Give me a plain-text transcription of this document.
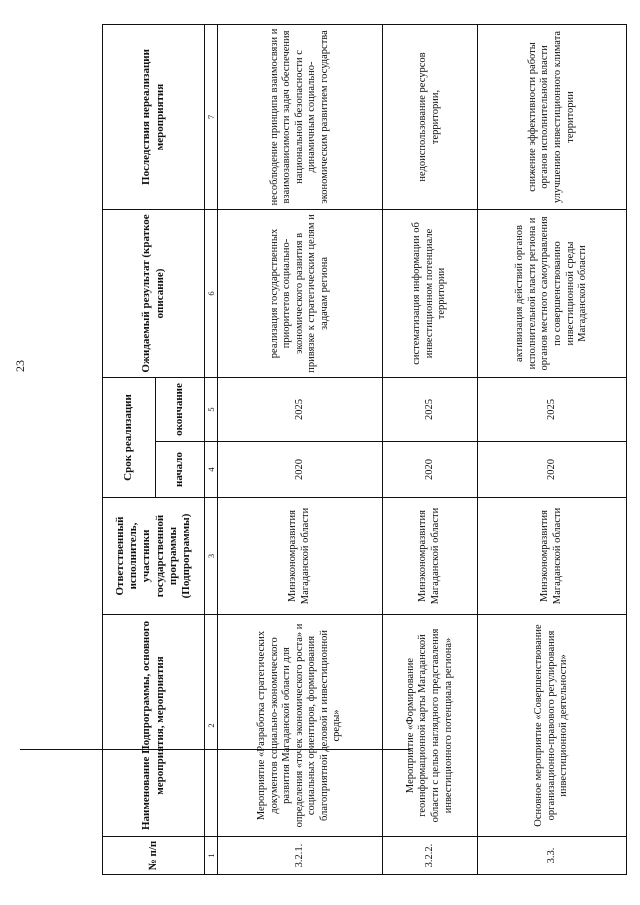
23
№ п/п	Наименование Подпрограммы, основного мероприятия, мероприятия	Ответственный исполнитель, участники государственной программы (Подпрограммы)	Срок реализации		Ожидаемый результат (краткое описание)	Последствия нереализации мероприятия
			начало	окончание		
1	2	3	4	5	6	7
3.2.1.	Мероприятие «Разработка стратегических документов социально-экономического развития Магаданской области для определения «точек экономического роста» и социальных ориентиров, формирования благоприятной деловой и инвестиционной среды»	Минэкономразвития Магаданской области	2020	2025	реализация государственных приоритетов социально-экономического развития в привязке к стратегическим целям и задачам региона	несоблюдение принципа взаимосвязи и взаимозависимости задач обеспечения национальной безопасности с динамичным социально-экономическим развитием государства
3.2.2.	Мероприятие «Формирование геоинформационной карты Магаданской области с целью наглядного представления инвестиционного потенциала региона»	Минэкономразвития Магаданской области	2020	2025	систематизация информации об инвестиционном потенциале территории	недоиспользование ресурсов территории,
3.3.	Основное мероприятие «Совершенствование организационно-правового регулирования инвестиционной деятельности»	Минэкономразвития Магаданской области	2020	2025	активизация действий органов исполнительной власти региона и органов местного самоуправления по совершенствованию инвестиционной среды Магаданской области	снижение эффективности работы органов исполнительной власти улучшению инвестиционного климата территории
